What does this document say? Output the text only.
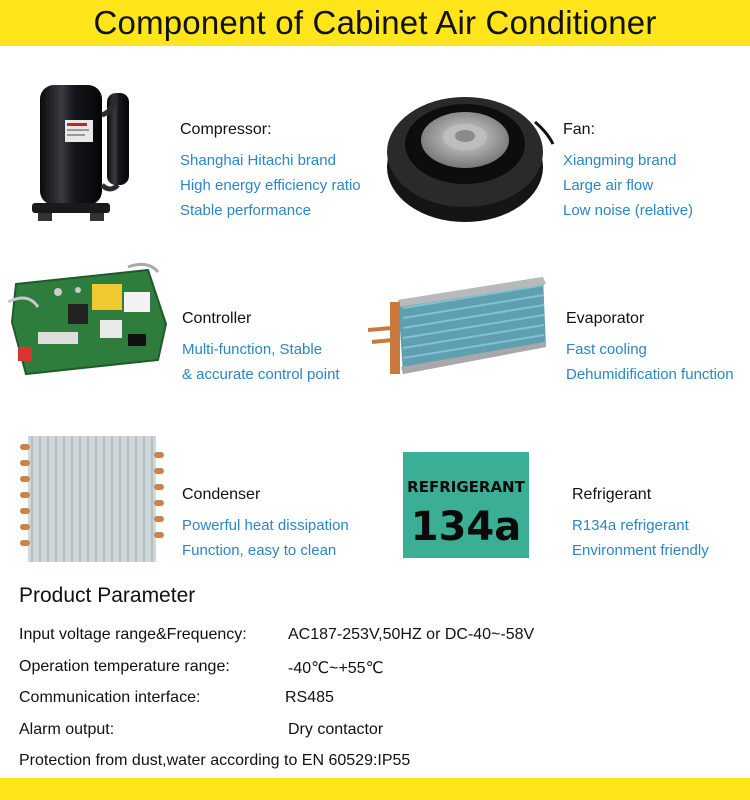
Component of Cabinet Air Conditioner
Compressor:
Shanghai Hitachi brand
High energy efficiency ratio
Stable performance
Fan:
Xiangming brand
Large air flow
Low noise (relative)
Controller
Multi-function, Stable
& accurate control point
Evaporator
Fast cooling
Dehumidification function
Condenser
Powerful heat dissipation
Function, easy to clean
REFRIGERANT
134a
Refrigerant
R134a refrigerant
Environment friendly
Product Parameter
Input voltage range&Frequency:	AC187-253V,50HZ or DC-40~-58V
Operation temperature range:	-40℃~+55℃
Communication interface:	RS485
Alarm output:	Dry contactor
Protection from dust,water according to EN 60529:IP55
